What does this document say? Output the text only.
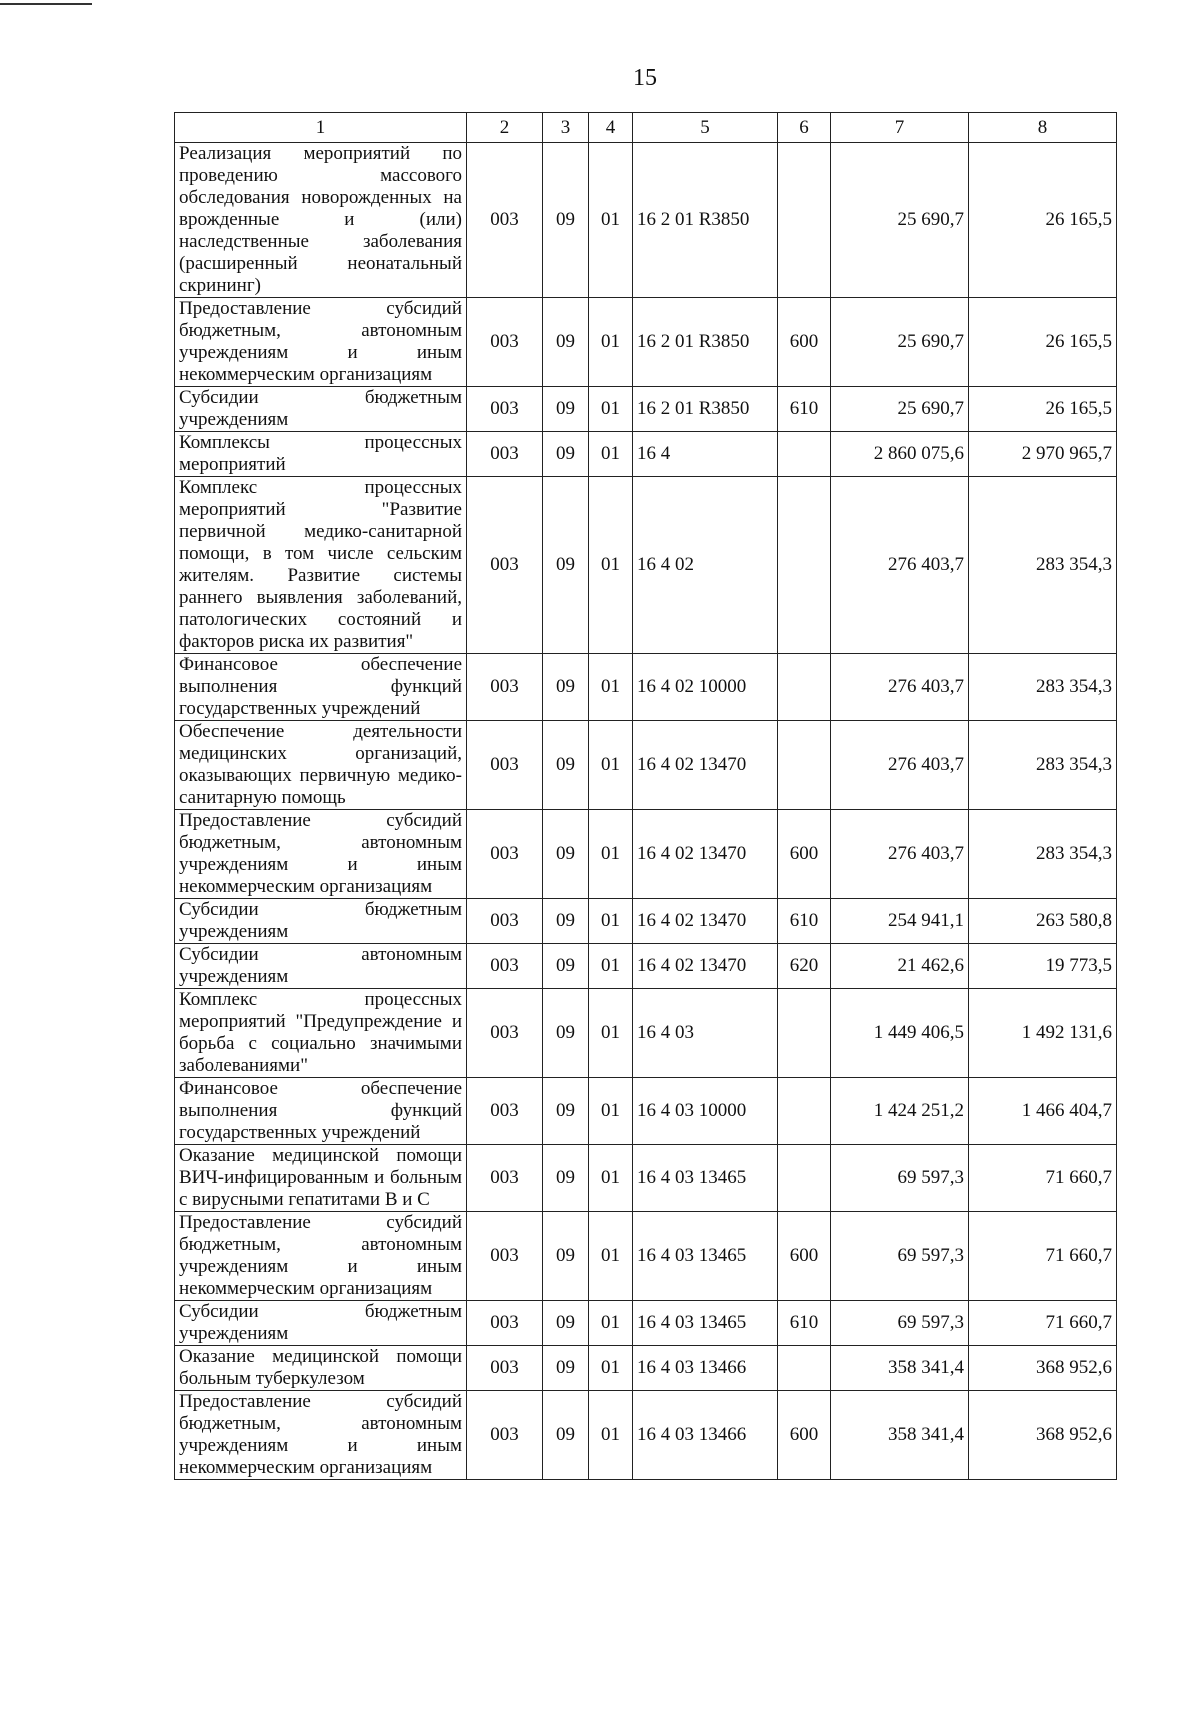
15
1	2	3	4	5	6	7	8
Реализация мероприятий по проведению массового обследования новорожденных на врожденные и (или) наследственные заболевания (расширенный неонатальный скрининг)	003	09	01	16 2 01 R3850		25 690,7	26 165,5
Предоставление субсидий бюджетным, автономным учреждениям и иным некоммерческим организациям	003	09	01	16 2 01 R3850	600	25 690,7	26 165,5
Субсидии бюджетным учреждениям	003	09	01	16 2 01 R3850	610	25 690,7	26 165,5
Комплексы процессных мероприятий	003	09	01	16 4		2 860 075,6	2 970 965,7
Комплекс процессных мероприятий "Развитие первичной медико-санитарной помощи, в том числе сельским жителям. Развитие системы раннего выявления заболеваний, патологических состояний и факторов риска их развития"	003	09	01	16 4 02		276 403,7	283 354,3
Финансовое обеспечение выполнения функций государственных учреждений	003	09	01	16 4 02 10000		276 403,7	283 354,3
Обеспечение деятельности медицинских организаций, оказывающих первичную медико-санитарную помощь	003	09	01	16 4 02 13470		276 403,7	283 354,3
Предоставление субсидий бюджетным, автономным учреждениям и иным некоммерческим организациям	003	09	01	16 4 02 13470	600	276 403,7	283 354,3
Субсидии бюджетным учреждениям	003	09	01	16 4 02 13470	610	254 941,1	263 580,8
Субсидии автономным учреждениям	003	09	01	16 4 02 13470	620	21 462,6	19 773,5
Комплекс процессных мероприятий "Предупреждение и борьба с социально значимыми заболеваниями"	003	09	01	16 4 03		1 449 406,5	1 492 131,6
Финансовое обеспечение выполнения функций государственных учреждений	003	09	01	16 4 03 10000		1 424 251,2	1 466 404,7
Оказание медицинской помощи ВИЧ-инфицированным и больным с вирусными гепатитами В и С	003	09	01	16 4 03 13465		69 597,3	71 660,7
Предоставление субсидий бюджетным, автономным учреждениям и иным некоммерческим организациям	003	09	01	16 4 03 13465	600	69 597,3	71 660,7
Субсидии бюджетным учреждениям	003	09	01	16 4 03 13465	610	69 597,3	71 660,7
Оказание медицинской помощи больным туберкулезом	003	09	01	16 4 03 13466		358 341,4	368 952,6
Предоставление субсидий бюджетным, автономным учреждениям и иным некоммерческим организациям	003	09	01	16 4 03 13466	600	358 341,4	368 952,6
